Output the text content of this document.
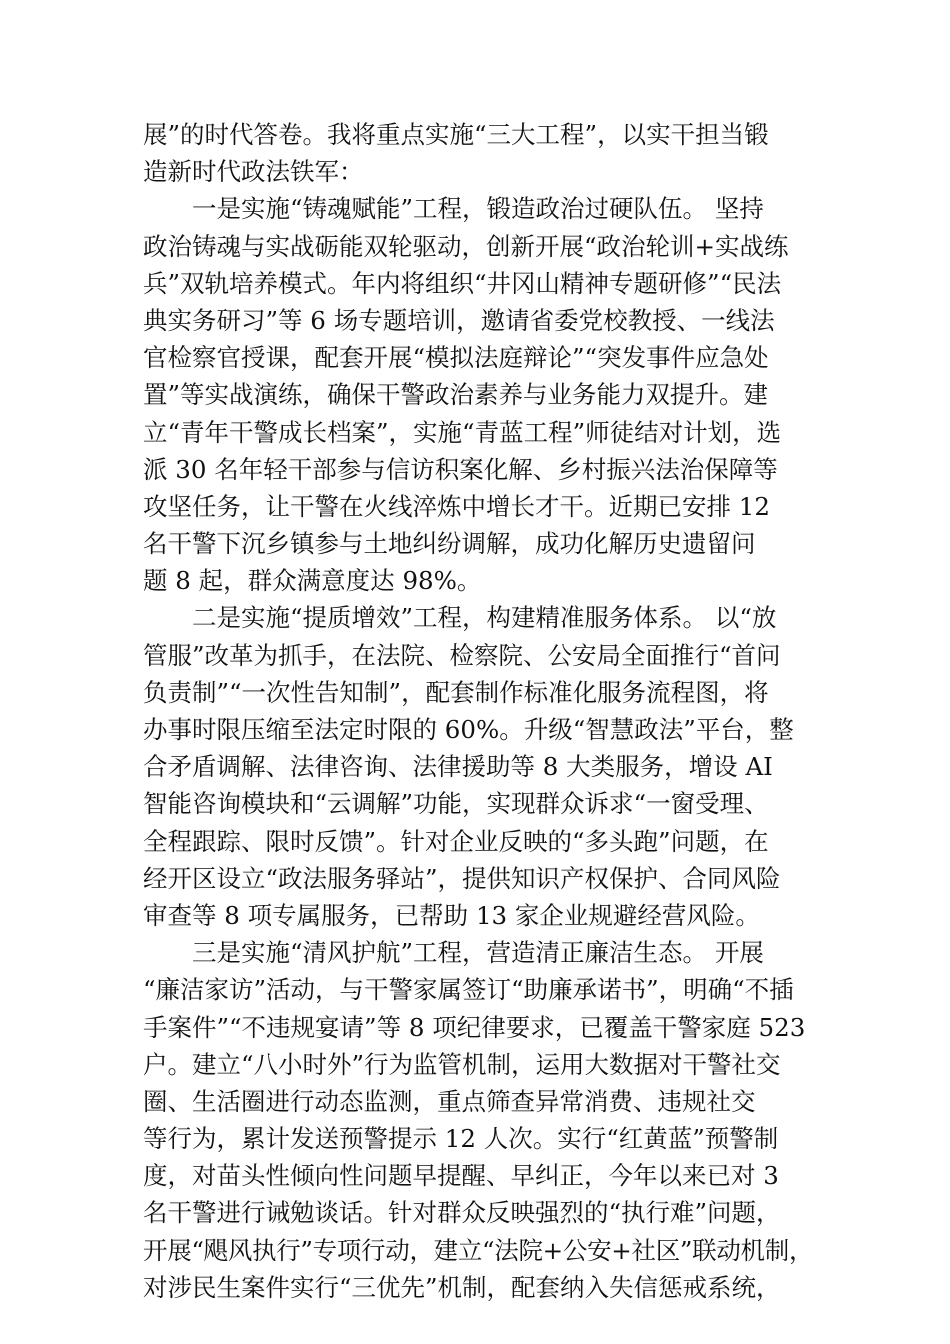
展”的时代答卷。我将重点实施“三大工程”，以实干担当锻
造新时代政法铁军：
一是实施“铸魂赋能”工程，锻造政治过硬队伍。 坚持
政治铸魂与实战砺能双轮驱动，创新开展“政治轮训+实战练
兵”双轨培养模式。年内将组织“井冈山精神专题研修”“民法
典实务研习”等 6 场专题培训，邀请省委党校教授、一线法
官检察官授课，配套开展“模拟法庭辩论”“突发事件应急处
置”等实战演练，确保干警政治素养与业务能力双提升。建
立“青年干警成长档案”，实施“青蓝工程”师徒结对计划，选
派 30 名年轻干部参与信访积案化解、乡村振兴法治保障等
攻坚任务，让干警在火线淬炼中增长才干。近期已安排 12
名干警下沉乡镇参与土地纠纷调解，成功化解历史遗留问
题 8 起，群众满意度达 98%。
二是实施“提质增效”工程，构建精准服务体系。 以“放
管服”改革为抓手，在法院、检察院、公安局全面推行“首问
负责制”“一次性告知制”，配套制作标准化服务流程图，将
办事时限压缩至法定时限的 60%。升级“智慧政法”平台，整
合矛盾调解、法律咨询、法律援助等 8 大类服务，增设 AI
智能咨询模块和“云调解”功能，实现群众诉求“一窗受理、
全程跟踪、限时反馈”。针对企业反映的“多头跑”问题，在
经开区设立“政法服务驿站”，提供知识产权保护、合同风险
审查等 8 项专属服务，已帮助 13 家企业规避经营风险。
三是实施“清风护航”工程，营造清正廉洁生态。 开展
“廉洁家访”活动，与干警家属签订“助廉承诺书”，明确“不插
手案件”“不违规宴请”等 8 项纪律要求，已覆盖干警家庭 523
户。建立“八小时外”行为监管机制，运用大数据对干警社交
圈、生活圈进行动态监测，重点筛查异常消费、违规社交
等行为，累计发送预警提示 12 人次。实行“红黄蓝”预警制
度，对苗头性倾向性问题早提醒、早纠正，今年以来已对 3
名干警进行诫勉谈话。针对群众反映强烈的“执行难”问题，
开展“飓风执行”专项行动，建立“法院+公安+社区”联动机制，
对涉民生案件实行“三优先”机制，配套纳入失信惩戒系统，
